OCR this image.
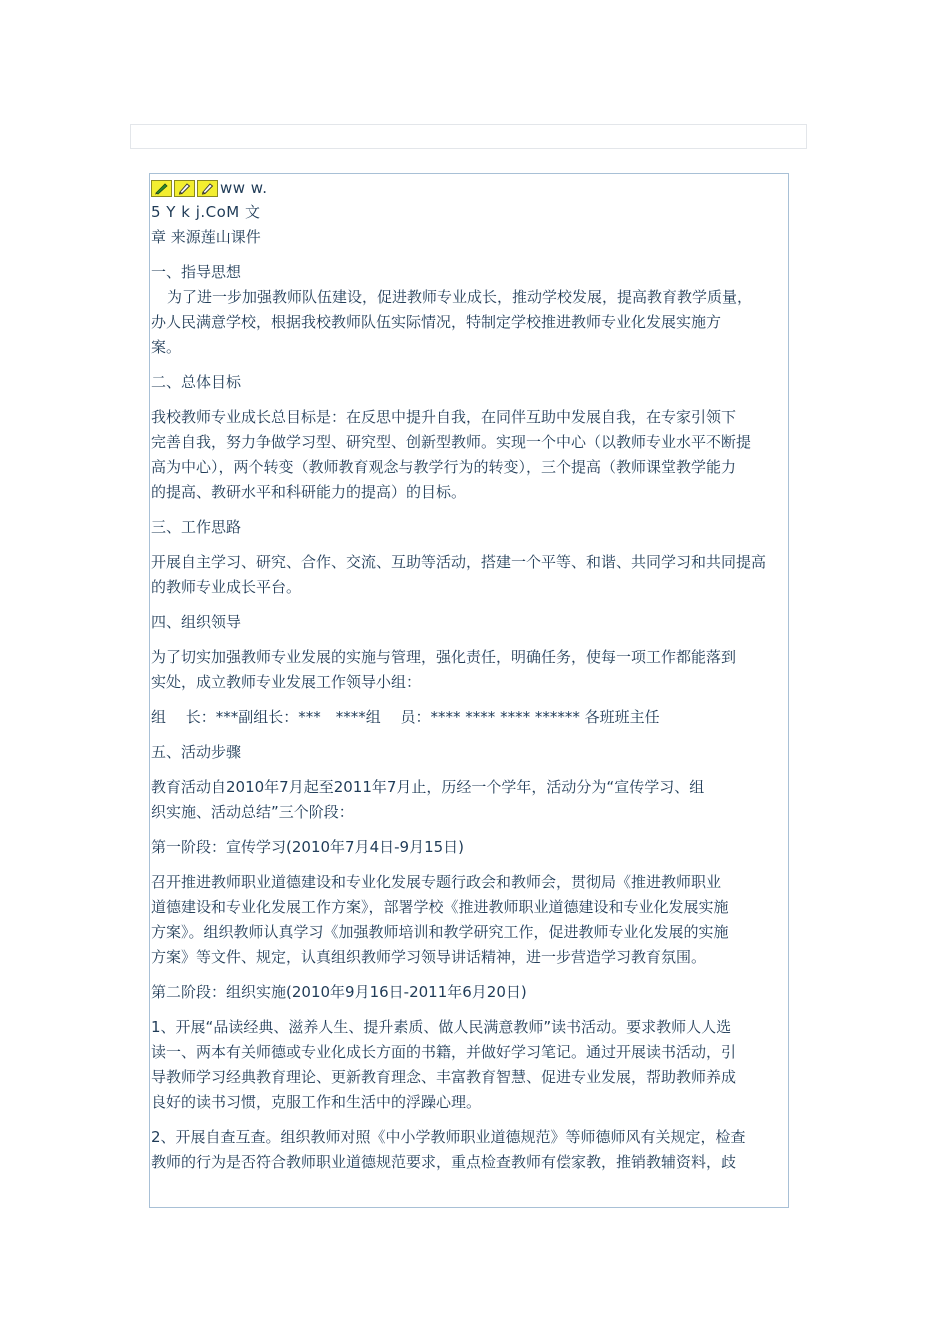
ww w.
5 Y k j.CoM 文
章 来源莲山课件
一、指导思想
为了进一步加强教师队伍建设，促进教师专业成长，推动学校发展，提高教育教学质量，
办人民满意学校，根据我校教师队伍实际情况，特制定学校推进教师专业化发展实施方
案。
二、总体目标
我校教师专业成长总目标是：在反思中提升自我，在同伴互助中发展自我，在专家引领下
完善自我，努力争做学习型、研究型、创新型教师。实现一个中心（以教师专业水平不断提
高为中心），两个转变（教师教育观念与教学行为的转变），三个提高（教师课堂教学能力
的提高、教研水平和科研能力的提高）的目标。
三、工作思路
开展自主学习、研究、合作、交流、互助等活动，搭建一个平等、和谐、共同学习和共同提高
的教师专业成长平台。
四、组织领导
为了切实加强教师专业发展的实施与管理，强化责任，明确任务，使每一项工作都能落到
实处，成立教师专业发展工作领导小组：
组　 长：***副组长：***　****组　 员：**** **** **** ****** 各班班主任
五、活动步骤
教育活动自2010年7月起至2011年7月止，历经一个学年，活动分为“宣传学习、组
织实施、活动总结”三个阶段：
第一阶段：宣传学习(2010年7月4日-9月15日)
召开推进教师职业道德建设和专业化发展专题行政会和教师会，贯彻局《推进教师职业
道德建设和专业化发展工作方案》，部署学校《推进教师职业道德建设和专业化发展实施
方案》。组织教师认真学习《加强教师培训和教学研究工作，促进教师专业化发展的实施
方案》等文件、规定，认真组织教师学习领导讲话精神，进一步营造学习教育氛围。
第二阶段：组织实施(2010年9月16日-2011年6月20日)
1、开展“品读经典、滋养人生、提升素质、做人民满意教师”读书活动。要求教师人人选
读一、两本有关师德或专业化成长方面的书籍，并做好学习笔记。通过开展读书活动，引
导教师学习经典教育理论、更新教育理念、丰富教育智慧、促进专业发展，帮助教师养成
良好的读书习惯，克服工作和生活中的浮躁心理。
2、开展自查互查。组织教师对照《中小学教师职业道德规范》等师德师风有关规定，检查
教师的行为是否符合教师职业道德规范要求，重点检查教师有偿家教，推销教辅资料，歧
